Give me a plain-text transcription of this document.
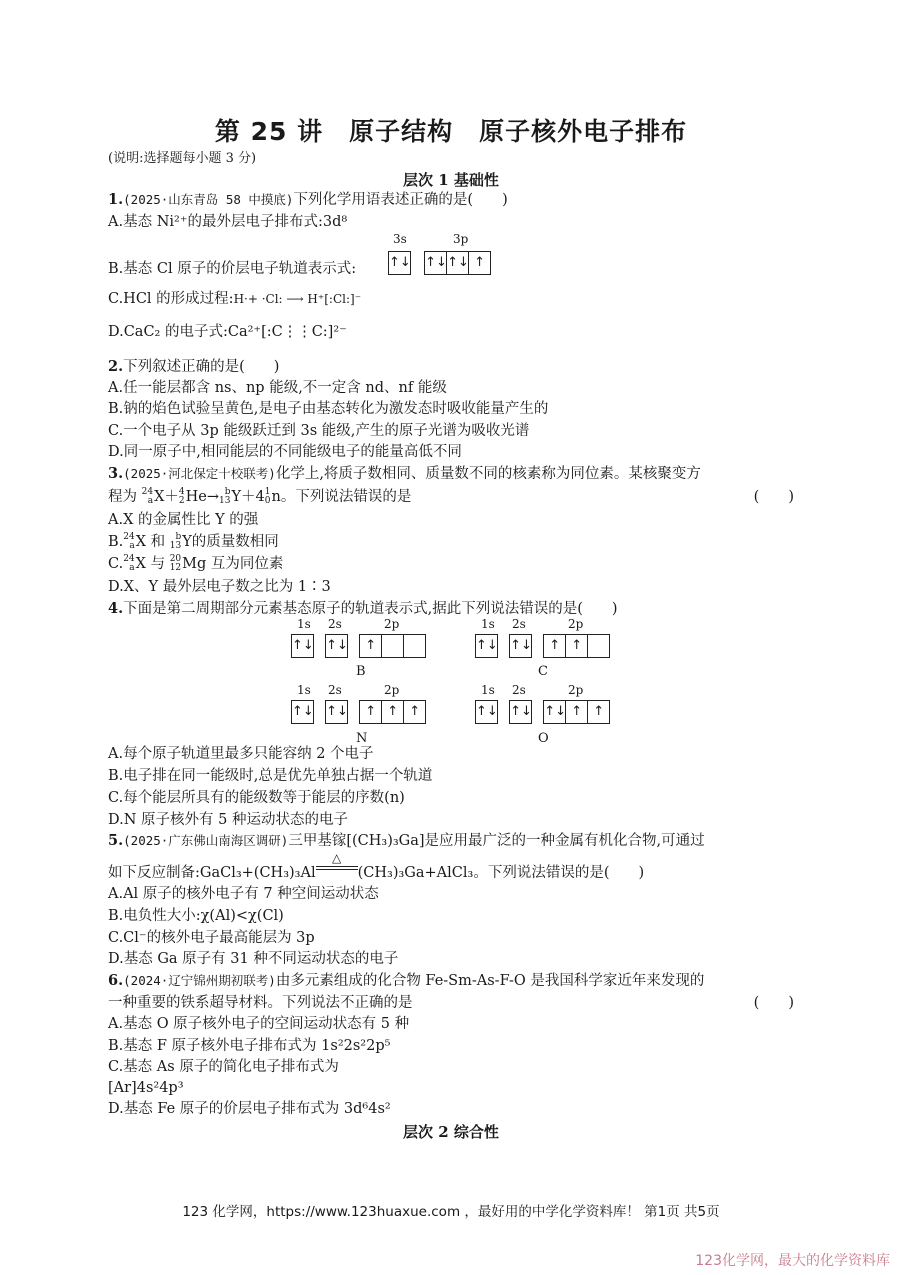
第 25 讲　原子结构　原子核外电子排布
(说明:选择题每小题 3 分)
层次 1 基础性
1.(2025·山东青岛 58 中摸底)下列化学用语表述正确的是(　　)
A.基态 Ni²⁺的最外层电子排布式:3d⁸
3s	3p
B.基态 Cl 原子的价层电子轨道表示式:	↑↓
↑↓ ↑↓ ↑
C.HCl 的形成过程:H·+ ·Cl: ⟶ H⁺[:Cl:]⁻
D.CaC₂ 的电子式:Ca²⁺[:C⋮⋮C:]²⁻
2.下列叙述正确的是(　　)
A.任一能层都含 ns、np 能级,不一定含 nd、nf 能级
B.钠的焰色试验呈黄色,是电子由基态转化为激发态时吸收能量产生的
C.一个电子从 3p 能级跃迁到 3s 能级,产生的原子光谱为吸收光谱
D.同一原子中,相同能层的不同能级电子的能量高低不同
3.(2025·河北保定十校联考)化学上,将质子数相同、质量数不同的核素称为同位素。某核聚变方
程为 24
aX＋4
2He→ b
13Y＋41
0n。下列说法错误的是	(　　)
A.X 的金属性比 Y 的强
B.24
aX 和 b
13Y的质量数相同
C.24
aX 与 20
12Mg 互为同位素
D.X、Y 最外层电子数之比为 1∶3
4.下面是第二周期部分元素基态原子的轨道表示式,据此下列说法错误的是(　　)
1s 2s	2p
↑↓
↑↓
	↑
B
1s 2s	2p
↑↓
↑↓
	↑ ↑
C
1s 2s	2p
↑↓
↑↓
	↑ ↑ ↑
N
1s 2s	2p
↑↓
↑↓
↑↓ ↑ ↑
O
A.每个原子轨道里最多只能容纳 2 个电子
B.电子排在同一能级时,总是优先单独占据一个轨道
C.每个能层所具有的能级数等于能层的序数(n)
D.N 原子核外有 5 种运动状态的电子
5.(2025·广东佛山南海区调研)三甲基镓[(CH₃)₃Ga]是应用最广泛的一种金属有机化合物,可通过
如下反应制备:GaCl₃+(CH₃)₃Al
△
(CH₃)₃Ga+AlCl₃。下列说法错误的是(　　)
A.Al 原子的核外电子有 7 种空间运动状态
B.电负性大小:χ(Al)<χ(Cl)
C.Cl⁻的核外电子最高能层为 3p
D.基态 Ga 原子有 31 种不同运动状态的电子
6.(2024·辽宁锦州期初联考)由多元素组成的化合物 Fe-Sm-As-F-O 是我国科学家近年来发现的
一种重要的铁系超导材料。下列说法不正确的是	(　　)
A.基态 O 原子核外电子的空间运动状态有 5 种
B.基态 F 原子核外电子排布式为 1s²2s²2p⁵
C.基态 As 原子的简化电子排布式为
[Ar]4s²4p³
D.基态 Fe 原子的价层电子排布式为 3d⁶4s²
层次 2 综合性
123 化学网，https://www.123huaxue.com ，最好用的中学化学资料库！ 第1页 共5页
123化学网，最大的化学资料库
